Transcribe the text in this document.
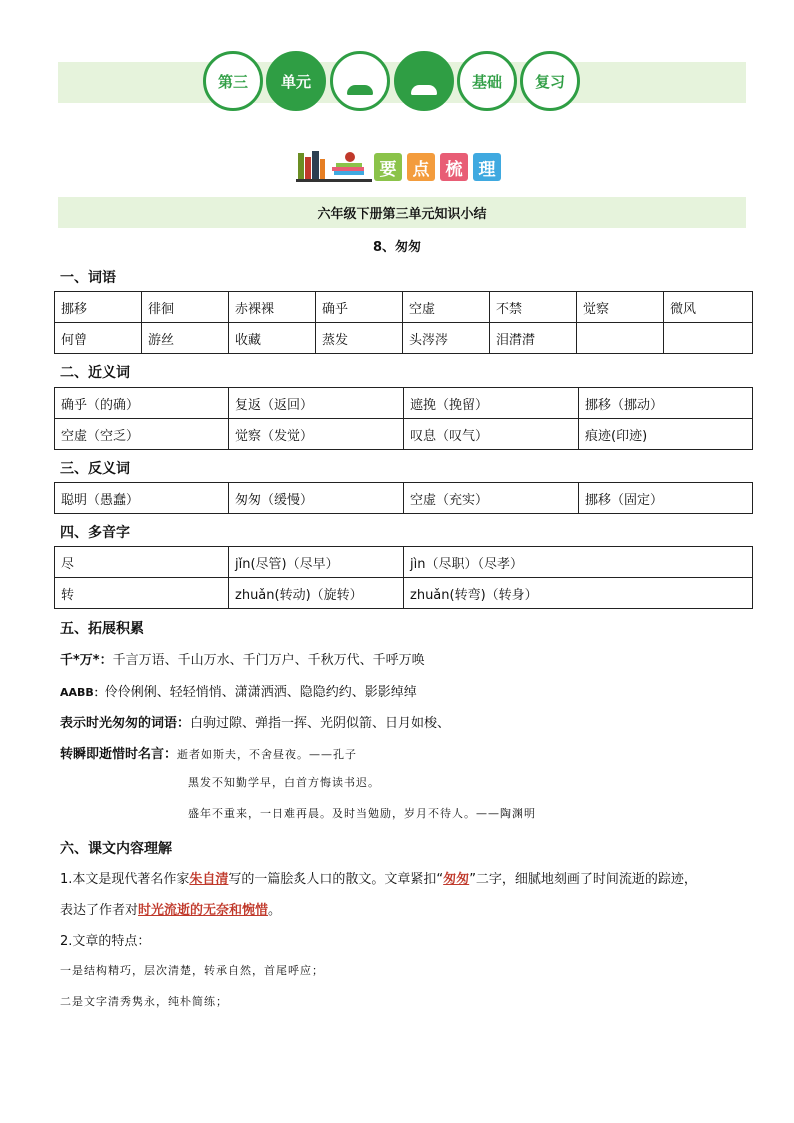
第三 单元	基础 复习
要 点 梳 理
六年级下册第三单元知识小结
8、匆匆
一、词语
挪移	徘徊	赤裸裸	确乎	空虚	不禁	觉察	微风
何曾	游丝	收藏	蒸发	头涔涔	泪潸潸		
二、近义词
确乎（的确）	复返（返回）	遮挽（挽留）	挪移（挪动）
空虚（空乏）	觉察（发觉）	叹息（叹气）	痕迹(印迹)
三、反义词
聪明（愚蠢）	匆匆（缓慢）	空虚（充实）	挪移（固定）
四、多音字
尽	jǐn(尽管)（尽早）	jìn（尽职）（尽孝）
转	zhuǎn(转动)（旋转）	zhuǎn(转弯)（转身）
五、拓展积累
千*万*：千言万语、千山万水、千门万户、千秋万代、千呼万唤
AABB：伶伶俐俐、轻轻悄悄、潇潇洒洒、隐隐约约、影影绰绰
表示时光匆匆的词语：白驹过隙、弹指一挥、光阴似箭、日月如梭、
转瞬即逝惜时名言：逝者如斯夫，不舍昼夜。——孔子
黑发不知勤学早，白首方悔读书迟。
盛年不重来，一日难再晨。及时当勉励，岁月不待人。——陶渊明
六、课文内容理解
1.本文是现代著名作家朱自清写的一篇脍炙人口的散文。文章紧扣“匆匆”二字，细腻地刻画了时间流逝的踪迹，
表达了作者对时光流逝的无奈和惋惜。
2.文章的特点：
一是结构精巧，层次清楚，转承自然，首尾呼应；
二是文字清秀隽永，纯朴简练；
